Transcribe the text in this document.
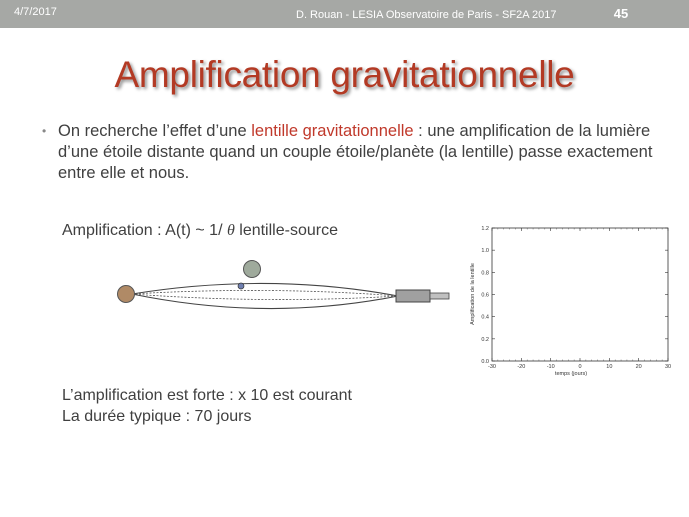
4/7/2017	D. Rouan - LESIA Observatoire de Paris - SF2A 2017	45
Amplification gravitationnelle
• On recherche l’effet d’une lentille gravitationnelle : une amplification de la lumière d’une étoile distante quand un couple étoile/planète (la lentille) passe exactement entre elle et nous.
Amplification : A(t) ~ 1/ θ lentille-source
0.0
0.2
0.4
0.6
0.8
1.0
1.2
-30	-20	-10	0	10	20	30
temps (jours)
Amplification de la lentille
L’amplification est forte : x 10 est courant
La durée typique : 70 jours
